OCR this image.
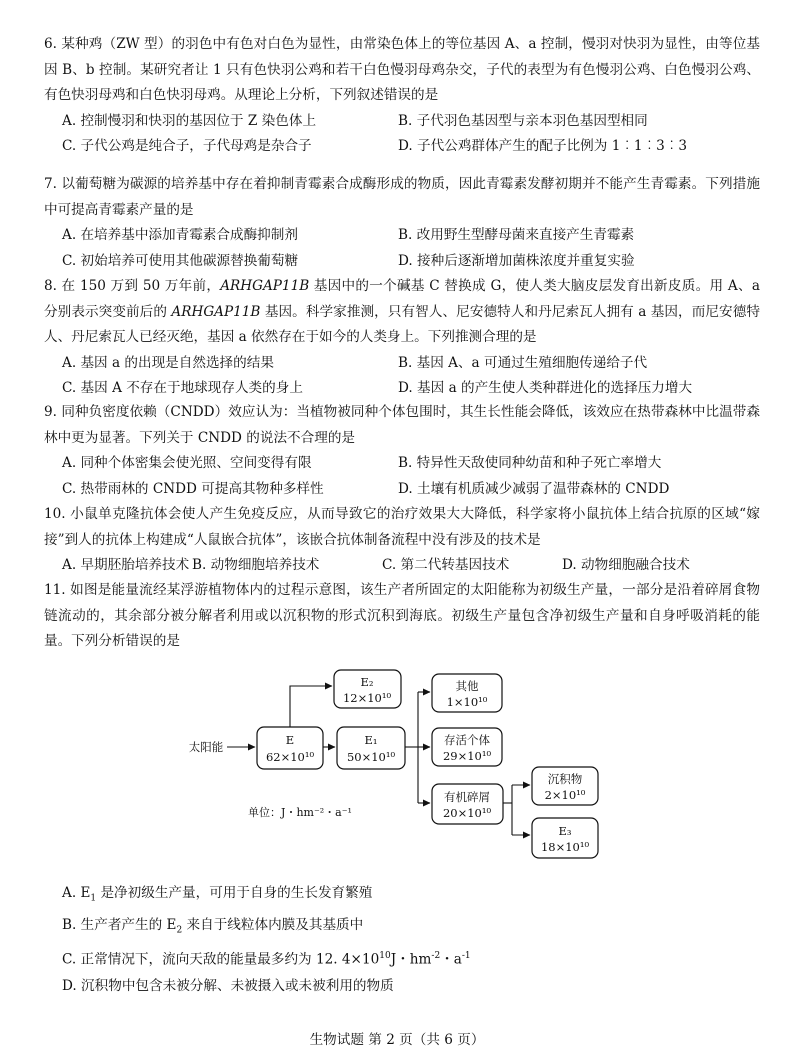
6. 某种鸡（ZW 型）的羽色中有色对白色为显性，由常染色体上的等位基因 A、a 控制，慢羽对快羽为显性，由等位基因 B、b 控制。某研究者让 1 只有色快羽公鸡和若干白色慢羽母鸡杂交，子代的表型为有色慢羽公鸡、白色慢羽公鸡、有色快羽母鸡和白色快羽母鸡。从理论上分析，下列叙述错误的是

A. 控制慢羽和快羽的基因位于 Z 染色体上	B. 子代羽色基因型与亲本羽色基因型相同
C. 子代公鸡是纯合子，子代母鸡是杂合子	D. 子代公鸡群体产生的配子比例为 1︰1︰3︰3

7. 以葡萄糖为碳源的培养基中存在着抑制青霉素合成酶形成的物质，因此青霉素发酵初期并不能产生青霉素。下列措施中可提高青霉素产量的是

A. 在培养基中添加青霉素合成酶抑制剂	B. 改用野生型酵母菌来直接产生青霉素
C. 初始培养可使用其他碳源替换葡萄糖	D. 接种后逐渐增加菌株浓度并重复实验

8. 在 150 万到 50 万年前，ARHGAP11B 基因中的一个碱基 C 替换成 G，使人类大脑皮层发育出新皮质。用 A、a 分别表示突变前后的 ARHGAP11B 基因。科学家推测，只有智人、尼安德特人和丹尼索瓦人拥有 a 基因，而尼安德特人、丹尼索瓦人已经灭绝，基因 a 依然存在于如今的人类身上。下列推测合理的是

A. 基因 a 的出现是自然选择的结果	B. 基因 A、a 可通过生殖细胞传递给子代
C. 基因 A 不存在于地球现存人类的身上	D. 基因 a 的产生使人类种群进化的选择压力增大

9. 同种负密度依赖（CNDD）效应认为：当植物被同种个体包围时，其生长性能会降低，该效应在热带森林中比温带森林中更为显著。下列关于 CNDD 的说法不合理的是

A. 同种个体密集会使光照、空间变得有限	B. 特异性天敌使同种幼苗和种子死亡率增大
C. 热带雨林的 CNDD 可提高其物种多样性	D. 土壤有机质减少减弱了温带森林的 CNDD

10. 小鼠单克隆抗体会使人产生免疫反应，从而导致它的治疗效果大大降低，科学家将小鼠抗体上结合抗原的区域“嫁接”到人的抗体上构建成“人鼠嵌合抗体”，该嵌合抗体制备流程中没有涉及的技术是

A. 早期胚胎培养技术 B. 动物细胞培养技术	C. 第二代转基因技术	D. 动物细胞融合技术

11. 如图是能量流经某浮游植物体内的过程示意图，该生产者所固定的太阳能称为初级生产量，一部分是沿着碎屑食物链流动的，其余部分被分解者利用或以沉积物的形式沉积到海底。初级生产量包含净初级生产量和自身呼吸消耗的能量。下列分析错误的是

太阳能
单位：J・hm⁻²・a⁻¹
E₂
12×10¹⁰
E
62×10¹⁰
E₁
50×10¹⁰
其他
1×10¹⁰
存活个体
29×10¹⁰
有机碎屑
20×10¹⁰
沉积物
2×10¹⁰
E₃
18×10¹⁰
A. $E_1$ 是净初级生产量，可用于自身的生长发育繁殖
B. 生产者产生的 $E_2$ 来自于线粒体内膜及其基质中
C. 正常情况下，流向天敌的能量最多约为 12. $4\times 10^{10}J$・$hm^{-2}$・$a^{-1}$
D. 沉积物中包含未被分解、未被摄入或未被利用的物质
生物试题 第 2 页（共 6 页）
